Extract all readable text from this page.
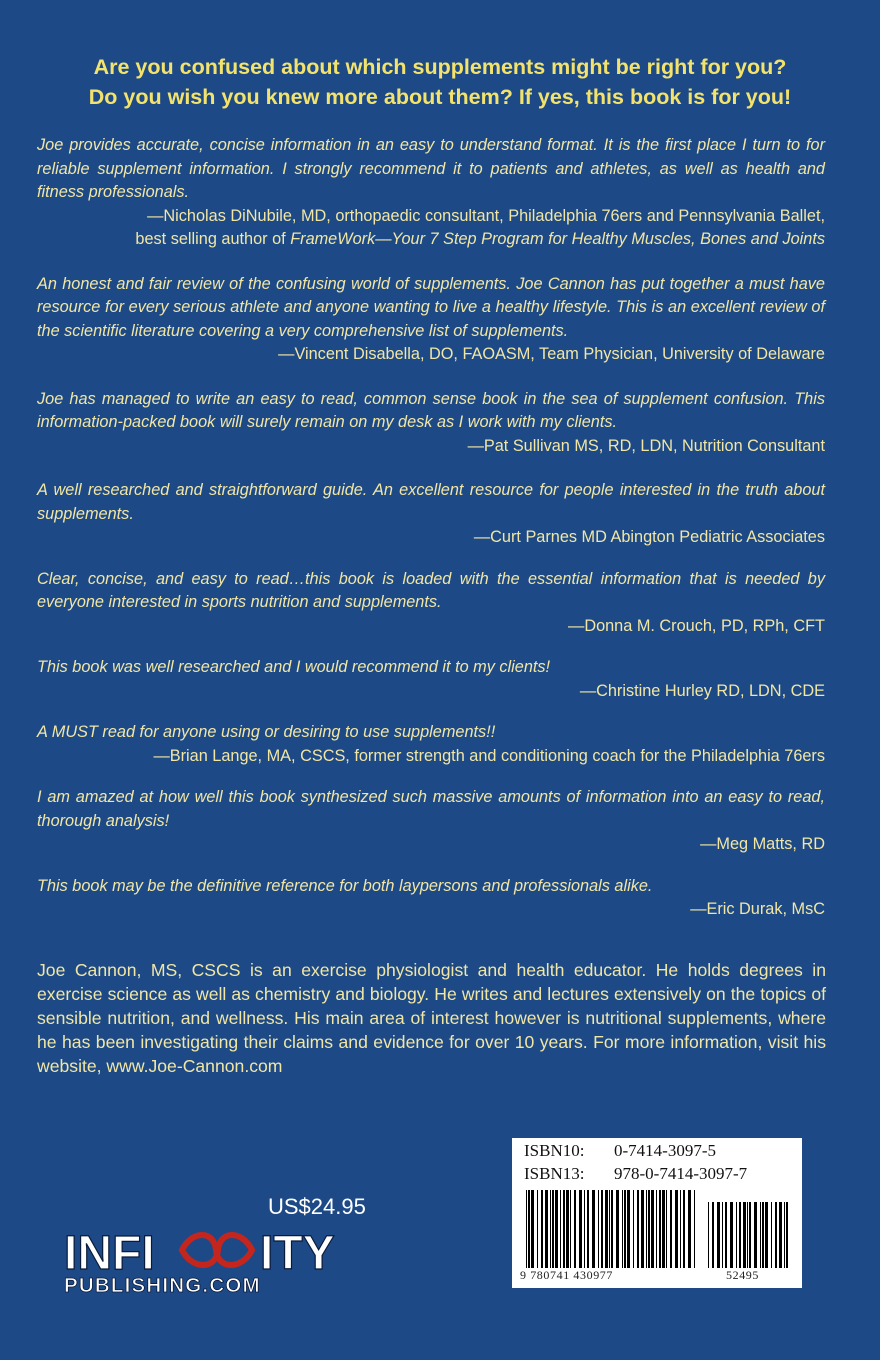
Are you confused about which supplements might be right for you?
Do you wish you knew more about them? If yes, this book is for you!
Joe provides accurate, concise information in an easy to understand format. It is the first place I turn to for reliable supplement information. I strongly recommend it to patients and athletes, as well as health and fitness professionals.
—Nicholas DiNubile, MD, orthopaedic consultant, Philadelphia 76ers and Pennsylvania Ballet,
best selling author of FrameWork—Your 7 Step Program for Healthy Muscles, Bones and Joints
An honest and fair review of the confusing world of supplements. Joe Cannon has put together a must have resource for every serious athlete and anyone wanting to live a healthy lifestyle. This is an excellent review of the scientific literature covering a very comprehensive list of supplements.
—Vincent Disabella, DO, FAOASM, Team Physician, University of Delaware
Joe has managed to write an easy to read, common sense book in the sea of supplement confusion. This information-packed book will surely remain on my desk as I work with my clients.
—Pat Sullivan MS, RD, LDN, Nutrition Consultant
A well researched and straightforward guide. An excellent resource for people interested in the truth about supplements.
—Curt Parnes MD Abington Pediatric Associates
Clear, concise, and easy to read…this book is loaded with the essential information that is needed by everyone interested in sports nutrition and supplements.
—Donna M. Crouch, PD, RPh, CFT
This book was well researched and I would recommend it to my clients!
—Christine Hurley RD, LDN, CDE
A MUST read for anyone using or desiring to use supplements!!
—Brian Lange, MA, CSCS, former strength and conditioning coach for the Philadelphia 76ers
I am amazed at how well this book synthesized such massive amounts of information into an easy to read, thorough analysis!
—Meg Matts, RD
This book may be the definitive reference for both laypersons and professionals alike.
—Eric Durak, MsC
Joe Cannon, MS, CSCS is an exercise physiologist and health educator. He holds degrees in exercise science as well as chemistry and biology. He writes and lectures extensively on the topics of sensible nutrition, and wellness. His main area of interest however is nutritional supplements, where he has been investigating their claims and evidence for over 10 years. For more information, visit his website, www.Joe-Cannon.com
US$24.95
INFI ITY
PUBLISHING.COM
ISBN10: 0-7414-3097-5
ISBN13: 978-0-7414-3097-7
9 780741 430977	52495
